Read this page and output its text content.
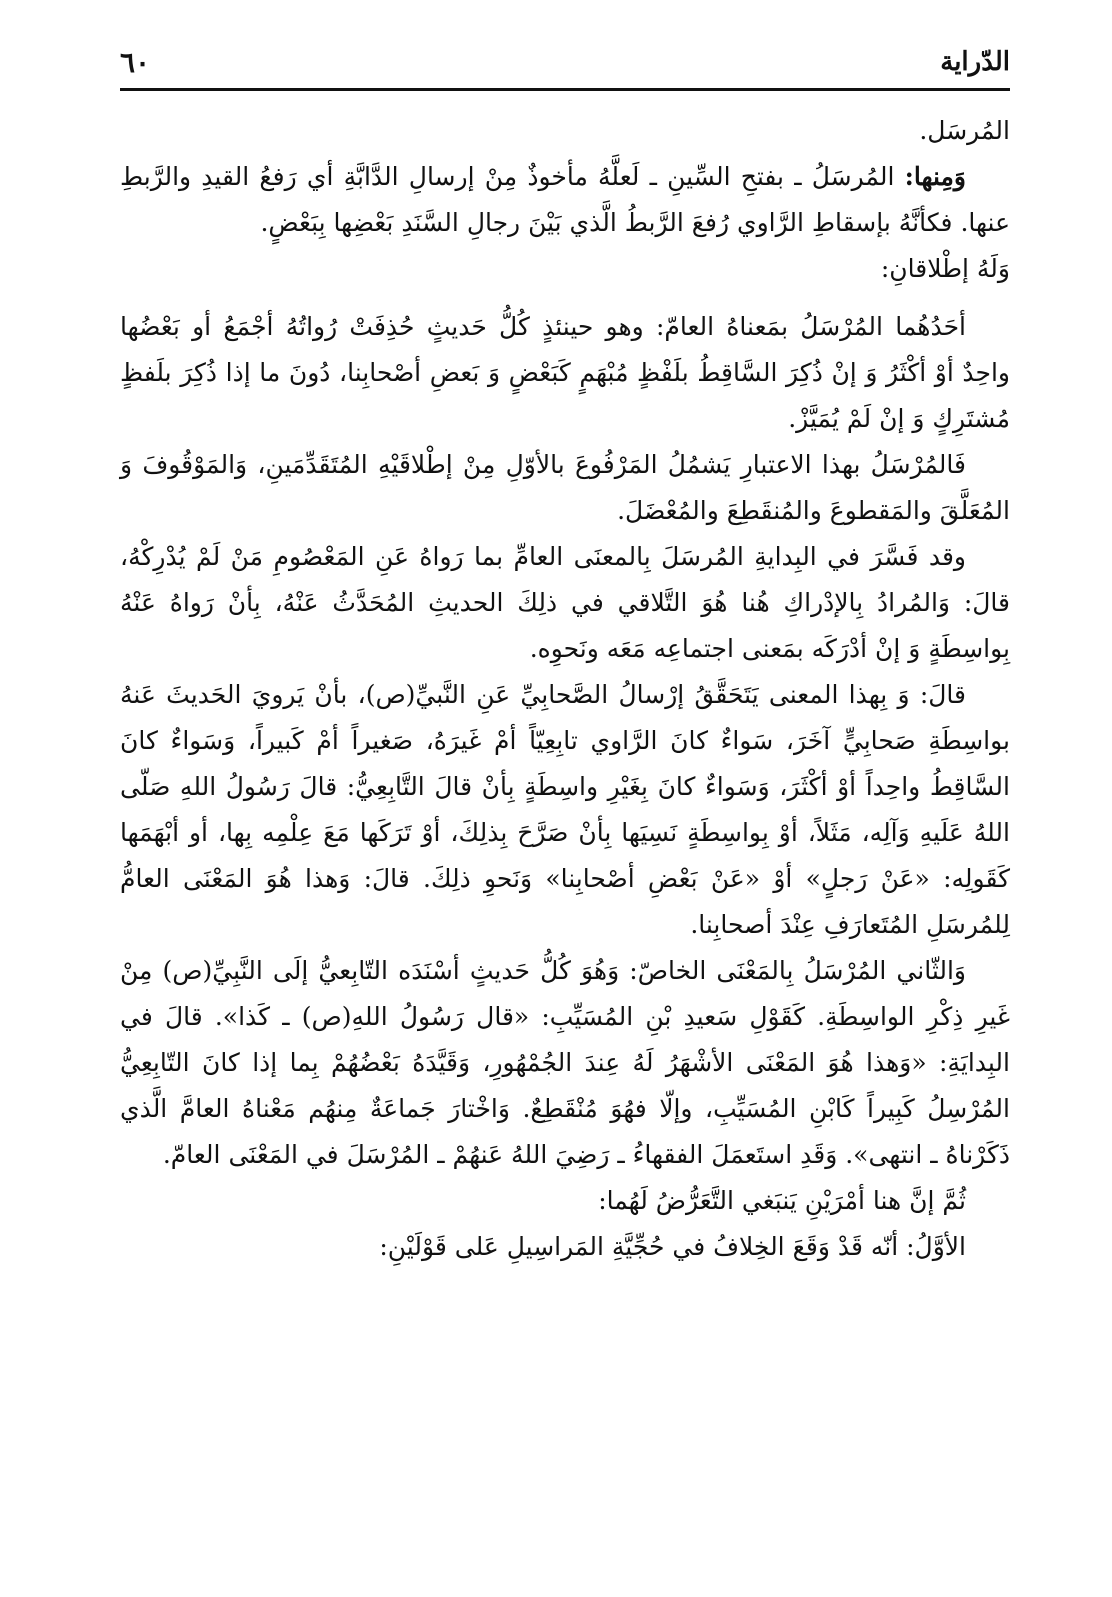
٦٠	الدّراية

المُرسَل.

وَمِنها: المُرسَلُ ـ بفتحِ السِّينِ ـ لَعلَّهُ مأخوذٌ مِنْ إرسالِ الدَّابَّةِ أي رَفعُ القيدِ والرَّبطِ عنها. فكأنَّهُ بإسقاطِ الرَّاوي رُفعَ الرَّبطُ الَّذي بَيْنَ رجالِ السَّنَدِ بَعْضِها بِبَعْضٍ.

وَلَهُ إطْلاقانِ:

أحَدُهُما المُرْسَلُ بمَعناهُ العامّ: وهو حينئذٍ كُلُّ حَديثٍ حُذِفَتْ رُواتُهُ أجْمَعُ أو بَعْضُها واحِدٌ أوْ أكْثَرُ وَ إنْ ذُكِرَ السَّاقِطُ بلَفْظٍ مُبْهَمٍ كَبَعْضٍ وَ بَعضِ أصْحابِنا، دُونَ ما إذا ذُكِرَ بلَفظٍ مُشتَرِكٍ وَ إنْ لَمْ يُمَيَّزْ.

فَالمُرْسَلُ بهذا الاعتبارِ يَشمُلُ المَرْفُوعَ بالأوّلِ مِنْ إطْلاقَيْهِ المُتَقَدِّمَينِ، وَالمَوْقُوفَ وَ المُعَلَّقَ والمَقطوعَ والمُنقَطِعَ والمُعْضَلَ.

وقد فَسَّرَ في البِدايةِ المُرسَلَ بِالمعنَى العامِّ بما رَواهُ عَنِ المَعْصُومِ مَنْ لَمْ يُدْرِكْهُ، قالَ: وَالمُرادُ بِالإدْراكِ هُنا هُوَ التَّلاقي في ذلِكَ الحديثِ المُحَدَّثُ عَنْهُ، بِأنْ رَواهُ عَنْهُ بِواسِطَةٍ وَ إنْ أدْرَكَه بمَعنى اجتماعِه مَعَه ونَحوِه.

قالَ: وَ بِهذا المعنى يَتَحَقَّقُ إرْسالُ الصَّحابِيِّ عَنِ النَّبيِّ(ص)، بأنْ يَرويَ الحَديثَ عَنهُ بواسِطَةِ صَحابِيٍّ آخَرَ، سَواءٌ كانَ الرَّاوي تابِعِيّاً أمْ غَيرَهُ، صَغيراً أمْ كَبيراً، وَسَواءٌ كانَ السَّاقِطُ واحِداً أوْ أكْثَرَ، وَسَواءٌ كانَ بِغَيْرِ واسِطَةٍ بِأنْ قالَ التَّابِعِيُّ: قالَ رَسُولُ اللهِ صَلّى اللهُ عَلَيهِ وَآلِه، مَثَلاً، أوْ بِواسِطَةٍ نَسِيَها بِأنْ صَرَّحَ بِذلِكَ، أوْ تَرَكَها مَعَ عِلْمِه بِها، أو أبْهَمَها كَقَولِه: «عَنْ رَجلٍ» أوْ «عَنْ بَعْضِ أصْحابِنا» وَنَحوِ ذلِكَ. قالَ: وَهذا هُوَ المَعْنَى العامُّ لِلمُرسَلِ المُتَعارَفِ عِنْدَ أصحابِنا.

وَالثّاني المُرْسَلُ بِالمَعْنَى الخاصّ: وَهُوَ كُلُّ حَديثٍ أسْنَدَه التّابِعيُّ إلَى النَّبِيِّ(ص) مِنْ غَيرِ ذِكْرِ الواسِطَةِ. كَقَوْلِ سَعيدِ بْنِ المُسَيِّبِ: «قال رَسُولُ اللهِ(ص) ـ كَذا». قالَ في البِدايَةِ: «وَهذا هُوَ المَعْنَى الأشْهَرُ لَهُ عِندَ الجُمْهُورِ، وَقَيَّدَهُ بَعْضُهُمْ بِما إذا كانَ التّابِعِيُّ المُرْسِلُ كَبِيراً كَابْنِ المُسَيِّبِ، وإلّا فهُوَ مُنْقَطِعٌ. وَاخْتارَ جَماعَةٌ مِنهُم مَعْناهُ العامَّ الَّذي ذَكَرْناهُ ـ انتهى». وَقَدِ استَعمَلَ الفقهاءُ ـ رَضِيَ اللهُ عَنهُمْ ـ المُرْسَلَ في المَعْنَى العامّ.

ثُمَّ إنَّ هنا أمْرَيْنِ يَنبَغي التَّعَرُّضُ لَهُما:

الأوَّلُ: أنّه قَدْ وَقَعَ الخِلافُ في حُجِّيَّةِ المَراسِيلِ عَلى قَوْلَيْنِ:
